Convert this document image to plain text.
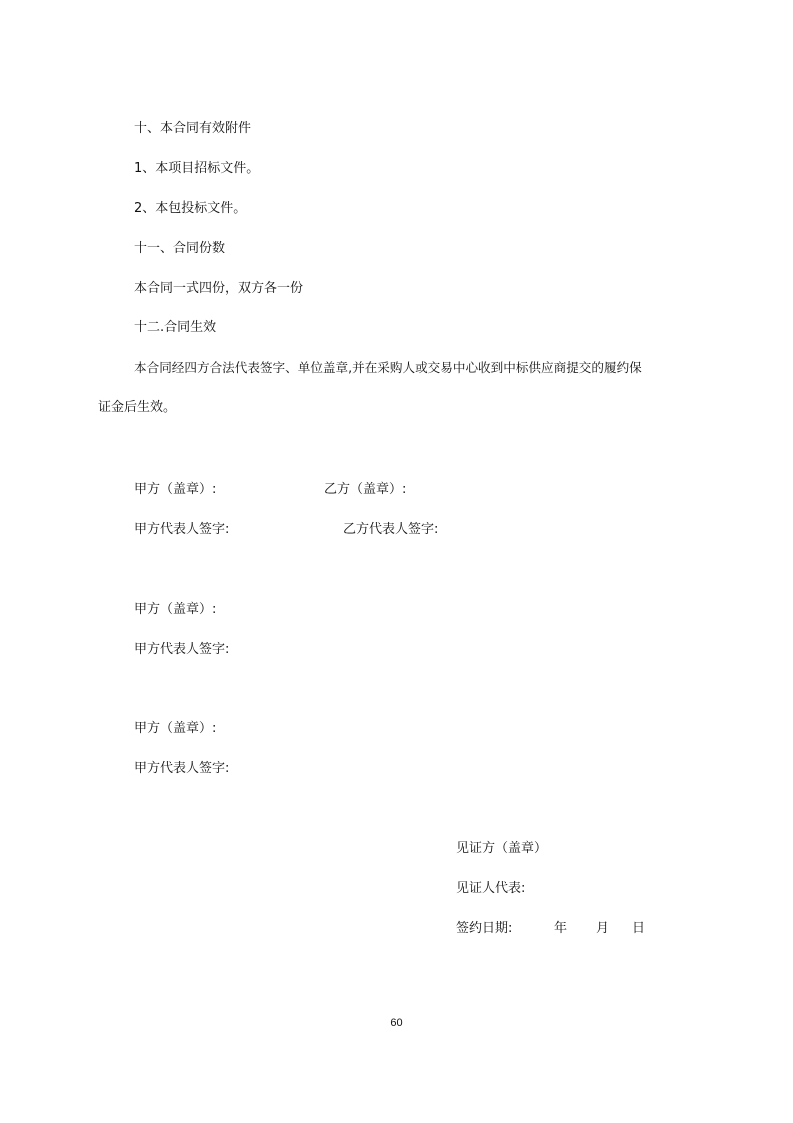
十、本合同有效附件
1、本项目招标文件。
2、本包投标文件。
十一、合同份数
本合同一式四份，双方各一份
十二.合同生效
本合同经四方合法代表签字、单位盖章,并在采购人或交易中心收到中标供应商提交的履约保
证金后生效。
甲方（盖章）:	乙方（盖章）:
甲方代表人签字:	乙方代表人签字:
甲方（盖章）:
甲方代表人签字:
甲方（盖章）:
甲方代表人签字:
见证方（盖章）
见证人代表:
签约日期:	年 月 日
60
